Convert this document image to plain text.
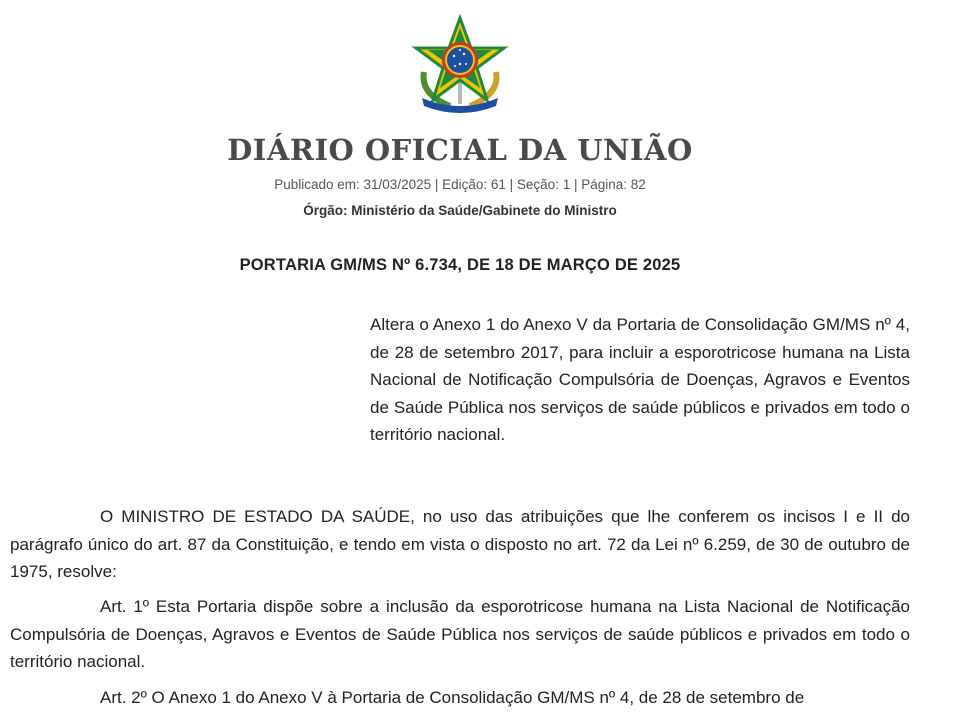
DIÁRIO OFICIAL DA UNIÃO
Publicado em: 31/03/2025 | Edição: 61 | Seção: 1 | Página: 82
Órgão: Ministério da Saúde/Gabinete do Ministro
PORTARIA GM/MS Nº 6.734, DE 18 DE MARÇO DE 2025
Altera o Anexo 1 do Anexo V da Portaria de Consolidação GM/MS nº 4, de 28 de setembro 2017, para incluir a esporotricose humana na Lista Nacional de Notificação Compulsória de Doenças, Agravos e Eventos de Saúde Pública nos serviços de saúde públicos e privados em todo o território nacional.

O MINISTRO DE ESTADO DA SAÚDE, no uso das atribuições que lhe conferem os incisos I e II do parágrafo único do art. 87 da Constituição, e tendo em vista o disposto no art. 72 da Lei nº 6.259, de 30 de outubro de 1975, resolve:

Art. 1º Esta Portaria dispõe sobre a inclusão da esporotricose humana na Lista Nacional de Notificação Compulsória de Doenças, Agravos e Eventos de Saúde Pública nos serviços de saúde públicos e privados em todo o território nacional.

Art. 2º O Anexo 1 do Anexo V à Portaria de Consolidação GM/MS nº 4, de 28 de setembro de
